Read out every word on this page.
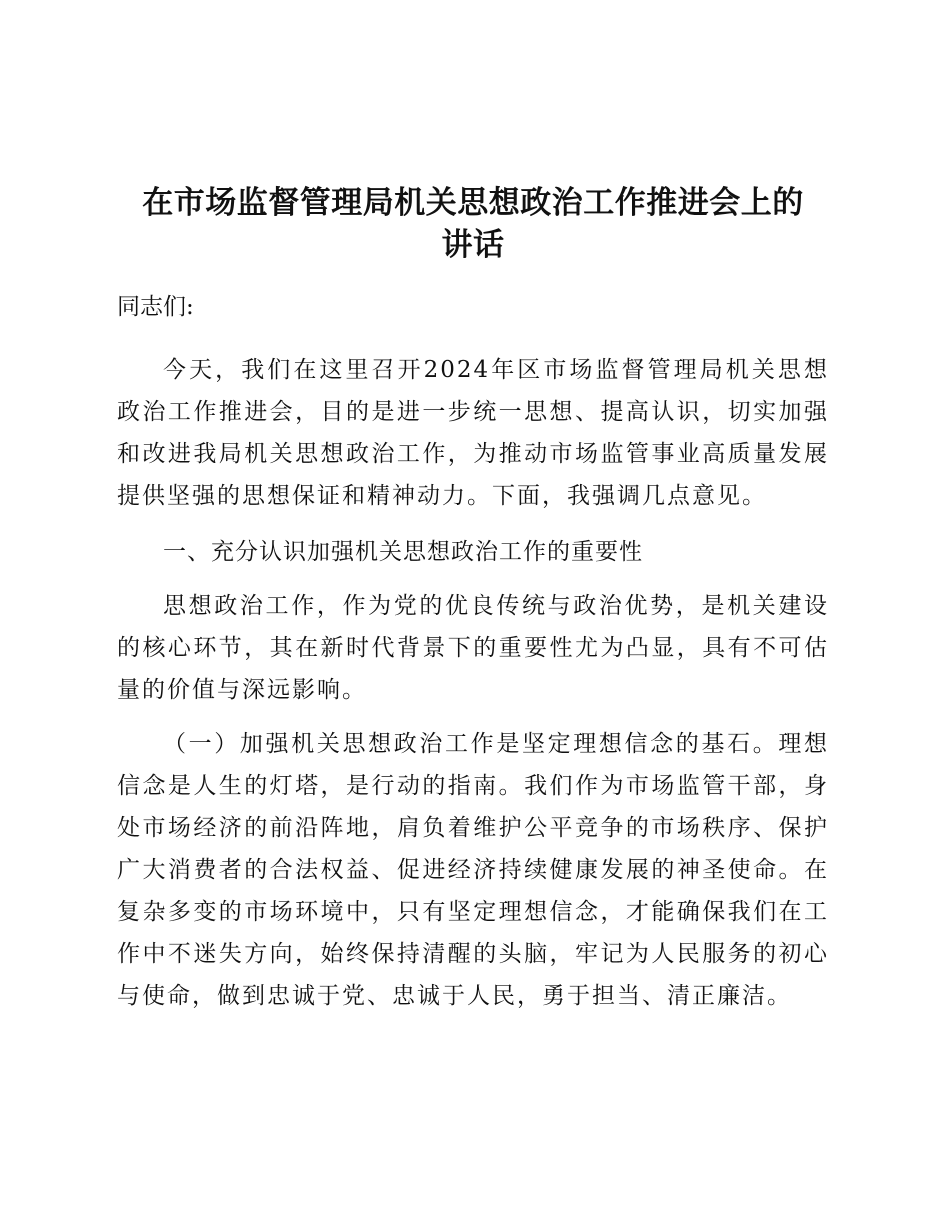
在市场监督管理局机关思想政治工作推进会上的
讲话

同志们:

今天，我们在这里召开2024年区市场监督管理局机关思想政治工作推进会，目的是进一步统一思想、提高认识，切实加强和改进我局机关思想政治工作，为推动市场监管事业高质量发展提供坚强的思想保证和精神动力。下面，我强调几点意见。

一、充分认识加强机关思想政治工作的重要性

思想政治工作，作为党的优良传统与政治优势，是机关建设的核心环节，其在新时代背景下的重要性尤为凸显，具有不可估量的价值与深远影响。

（一）加强机关思想政治工作是坚定理想信念的基石。理想信念是人生的灯塔，是行动的指南。我们作为市场监管干部，身处市场经济的前沿阵地，肩负着维护公平竞争的市场秩序、保护广大消费者的合法权益、促进经济持续健康发展的神圣使命。在复杂多变的市场环境中，只有坚定理想信念，才能确保我们在工作中不迷失方向，始终保持清醒的头脑，牢记为人民服务的初心与使命，做到忠诚于党、忠诚于人民，勇于担当、清正廉洁。
